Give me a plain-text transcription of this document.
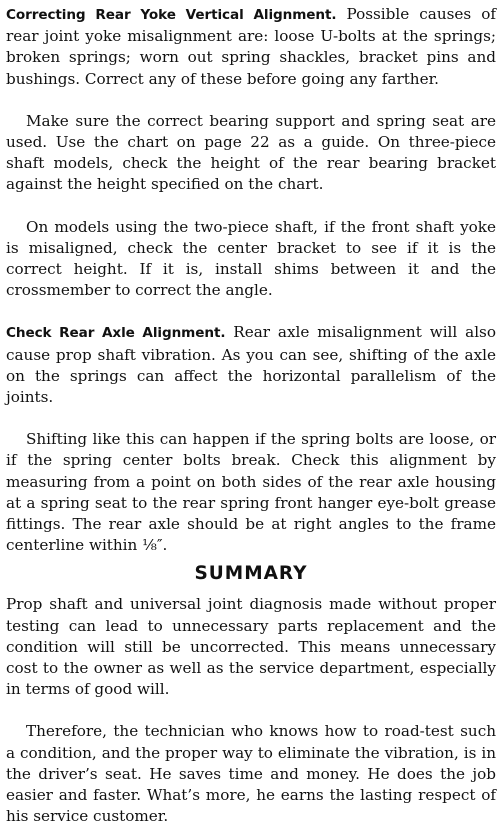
Correcting Rear Yoke Vertical Alignment. Possible causes of rear joint yoke misalignment are: loose U-bolts at the springs; broken springs; worn out spring shackles, bracket pins and bushings. Correct any of these before going any farther.

Make sure the correct bearing support and spring seat are used. Use the chart on page 22 as a guide. On three-piece shaft models, check the height of the rear bearing bracket against the height specified on the chart.

On models using the two-piece shaft, if the front shaft yoke is misaligned, check the center bracket to see if it is the correct height. If it is, install shims between it and the crossmember to correct the angle.

Check Rear Axle Alignment. Rear axle misalignment will also cause prop shaft vibration. As you can see, shifting of the axle on the springs can affect the horizontal parallelism of the joints.

Shifting like this can happen if the spring bolts are loose, or if the spring center bolts break. Check this alignment by measuring from a point on both sides of the rear axle housing at a spring seat to the rear spring front hanger eye-bolt grease fittings. The rear axle should be at right angles to the frame centerline within ⅛″.

SUMMARY

Prop shaft and universal joint diagnosis made without proper testing can lead to unnecessary parts replacement and the condition will still be uncorrected. This means unnecessary cost to the owner as well as the service department, especially in terms of good will.

Therefore, the technician who knows how to road-test such a condition, and the proper way to eliminate the vibration, is in the driver’s seat. He saves time and money. He does the job easier and faster. What’s more, he earns the lasting respect of his service customer.
